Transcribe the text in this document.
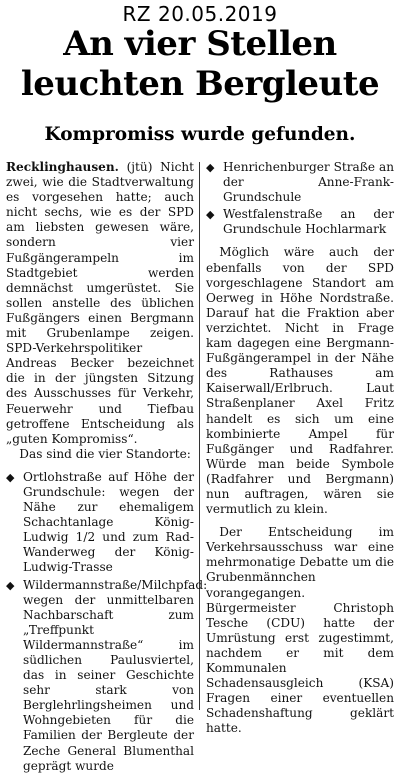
RZ 20.05.2019
An vier Stellen
leuchten Bergleute
Kompromiss wurde gefunden.

Recklinghausen. (jtü) Nicht zwei, wie die Stadtverwaltung es vorgesehen hatte; auch nicht sechs, wie es der SPD am liebsten gewesen wäre, sondern vier Fußgängerampeln im Stadtgebiet werden demnächst umgerüstet. Sie sollen anstelle des üblichen Fußgängers einen Bergmann mit Grubenlampe zeigen. SPD-Verkehrspolitiker Andreas Becker bezeichnet die in der jüngsten Sitzung des Ausschusses für Verkehr, Feuerwehr und Tiefbau getroffene Entscheidung als „guten Kompromiss“.

Das sind die vier Standorte:

◆ Ortlohstraße auf Höhe der Grundschule: wegen der Nähe zur ehemaligem Schachtanlage König-Ludwig 1/2 und zum Rad-Wanderweg der König-Ludwig-Trasse
◆ Wildermannstraße/Milchpfad: wegen der unmittelbaren Nachbarschaft zum „Treffpunkt Wildermannstraße“ im südlichen Paulusviertel, das in seiner Geschichte sehr stark von Berglehrlingsheimen und Wohngebieten für die Familien der Bergleute der Zeche General Blumenthal geprägt wurde
◆ Henrichenburger Straße an der Anne-Frank-Grundschule
◆ Westfalenstraße an der Grundschule Hochlarmark

Möglich wäre auch der ebenfalls von der SPD vorgeschlagene Standort am Oerweg in Höhe Nordstraße. Darauf hat die Fraktion aber verzichtet. Nicht in Frage kam dagegen eine Bergmann-Fußgängerampel in der Nähe des Rathauses am Kaiserwall/Erlbruch. Laut Straßenplaner Axel Fritz handelt es sich um eine kombinierte Ampel für Fußgänger und Radfahrer. Würde man beide Symbole (Radfahrer und Bergmann) nun auftragen, wären sie vermutlich zu klein.

Der Entscheidung im Verkehrsausschuss war eine mehrmonatige Debatte um die Grubenmännchen vorangegangen. Bürgermeister Christoph Tesche (CDU) hatte der Umrüstung erst zugestimmt, nachdem er mit dem Kommunalen Schadensausgleich (KSA) Fragen einer eventuellen Schadenshaftung geklärt hatte.
